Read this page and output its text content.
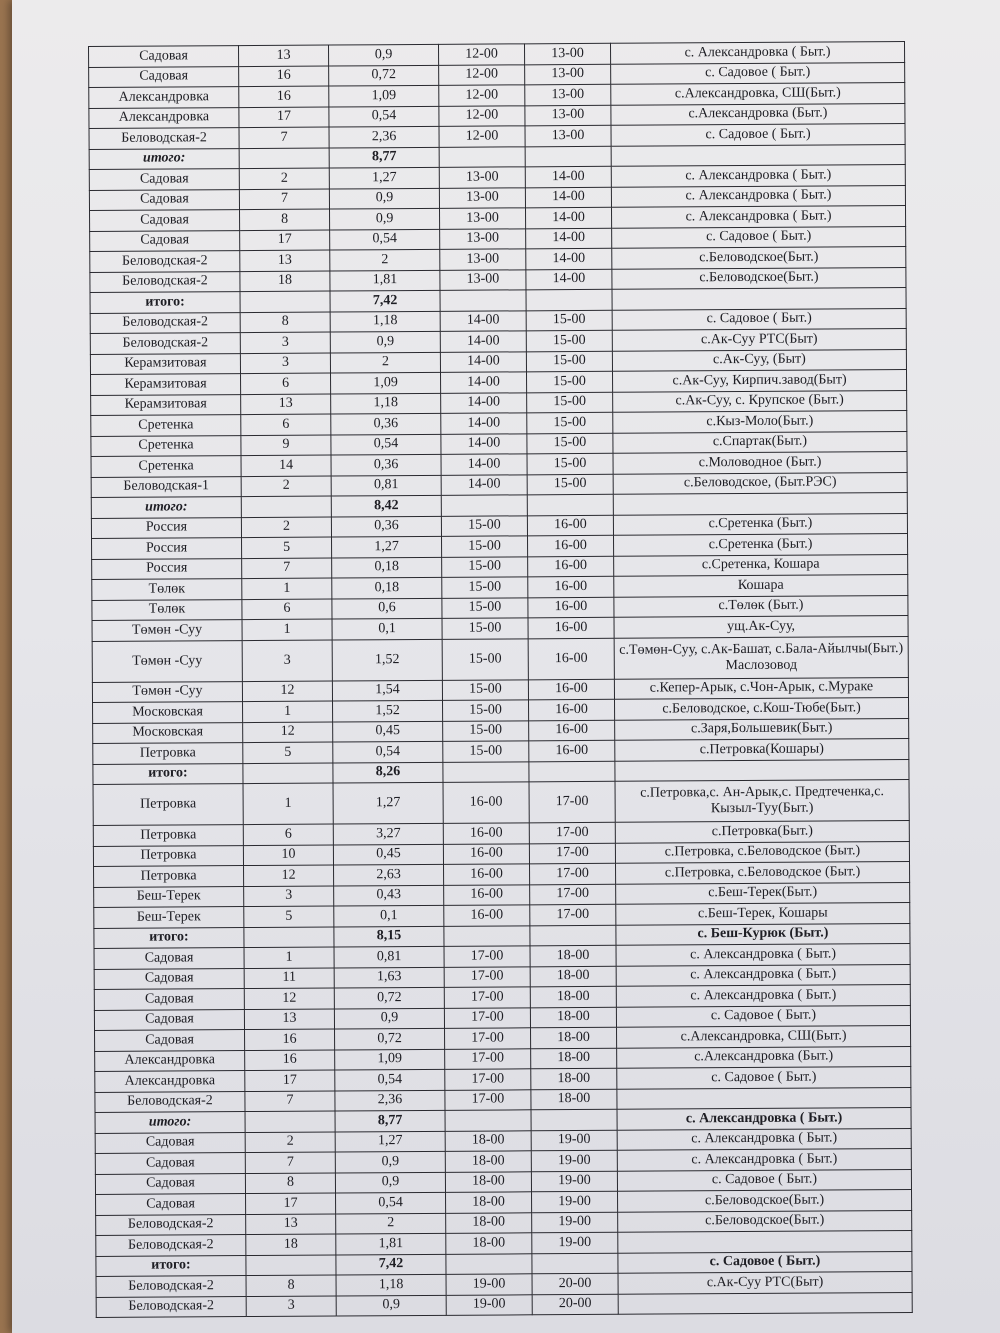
Садовая	13	0,9	12-00	13-00	с. Александровка ( Быт.)
Садовая	16	0,72	12-00	13-00	с. Садовое ( Быт.)
Александровка	16	1,09	12-00	13-00	с.Александровка, СШ(Быт.)
Александровка	17	0,54	12-00	13-00	с.Александровка (Быт.)
Беловодская-2	7	2,36	12-00	13-00	с. Садовое ( Быт.)
итого:		8,77			
Садовая	2	1,27	13-00	14-00	с. Александровка ( Быт.)
Садовая	7	0,9	13-00	14-00	с. Александровка ( Быт.)
Садовая	8	0,9	13-00	14-00	с. Александровка ( Быт.)
Садовая	17	0,54	13-00	14-00	с. Садовое ( Быт.)
Беловодская-2	13	2	13-00	14-00	с.Беловодское(Быт.)
Беловодская-2	18	1,81	13-00	14-00	с.Беловодское(Быт.)
итого:		7,42			
Беловодская-2	8	1,18	14-00	15-00	с. Садовое ( Быт.)
Беловодская-2	3	0,9	14-00	15-00	с.Ак-Суу РТС(Быт)
Керамзитовая	3	2	14-00	15-00	с.Ак-Суу, (Быт)
Керамзитовая	6	1,09	14-00	15-00	с.Ак-Суу, Кирпич.завод(Быт)
Керамзитовая	13	1,18	14-00	15-00	с.Ак-Суу, с. Крупское (Быт.)
Сретенка	6	0,36	14-00	15-00	с.Кыз-Моло(Быт.)
Сретенка	9	0,54	14-00	15-00	с.Спартак(Быт.)
Сретенка	14	0,36	14-00	15-00	с.Моловодное (Быт.)
Беловодская-1	2	0,81	14-00	15-00	с.Беловодское, (Быт.РЭС)
итого:		8,42			
Россия	2	0,36	15-00	16-00	с.Сретенка (Быт.)
Россия	5	1,27	15-00	16-00	с.Сретенка (Быт.)
Россия	7	0,18	15-00	16-00	с.Сретенка, Кошара
Төлөк	1	0,18	15-00	16-00	Кошара
Төлөк	6	0,6	15-00	16-00	с.Төлөк (Быт.)
Төмөн -Суу	1	0,1	15-00	16-00	ущ.Ак-Суу,
Төмөн -Суу	3	1,52	15-00	16-00	с.Төмөн-Суу, с.Ак-Башат, с.Бала-Айылчы(Быт.) Маслозовод
Төмөн -Суу	12	1,54	15-00	16-00	с.Кепер-Арык, с.Чон-Арык, с.Мураке
Московская	1	1,52	15-00	16-00	с.Беловодское, с.Кош-Тюбе(Быт.)
Московская	12	0,45	15-00	16-00	с.Заря,Большевик(Быт.)
Петровка	5	0,54	15-00	16-00	с.Петровка(Кошары)
итого:		8,26			
Петровка	1	1,27	16-00	17-00	с.Петровка,с. Ан-Арык,с. Предтеченка,с. Кызыл-Туу(Быт.)
Петровка	6	3,27	16-00	17-00	с.Петровка(Быт.)
Петровка	10	0,45	16-00	17-00	с.Петровка, с.Беловодское (Быт.)
Петровка	12	2,63	16-00	17-00	с.Петровка, с.Беловодское (Быт.)
Беш-Терек	3	0,43	16-00	17-00	с.Беш-Терек(Быт.)
Беш-Терек	5	0,1	16-00	17-00	с.Беш-Терек, Кошары
итого:		8,15			с. Беш-Курюк (Быт.)
Садовая	1	0,81	17-00	18-00	с. Александровка ( Быт.)
Садовая	11	1,63	17-00	18-00	с. Александровка ( Быт.)
Садовая	12	0,72	17-00	18-00	с. Александровка ( Быт.)
Садовая	13	0,9	17-00	18-00	с. Садовое ( Быт.)
Садовая	16	0,72	17-00	18-00	с.Александровка, СШ(Быт.)
Александровка	16	1,09	17-00	18-00	с.Александровка (Быт.)
Александровка	17	0,54	17-00	18-00	с. Садовое ( Быт.)
Беловодская-2	7	2,36	17-00	18-00	
итого:		8,77			с. Александровка ( Быт.)
Садовая	2	1,27	18-00	19-00	с. Александровка ( Быт.)
Садовая	7	0,9	18-00	19-00	с. Александровка ( Быт.)
Садовая	8	0,9	18-00	19-00	с. Садовое ( Быт.)
Садовая	17	0,54	18-00	19-00	с.Беловодское(Быт.)
Беловодская-2	13	2	18-00	19-00	с.Беловодское(Быт.)
Беловодская-2	18	1,81	18-00	19-00	
итого:		7,42			с. Садовое ( Быт.)
Беловодская-2	8	1,18	19-00	20-00	с.Ак-Суу РТС(Быт)
Беловодская-2	3	0,9	19-00	20-00	
